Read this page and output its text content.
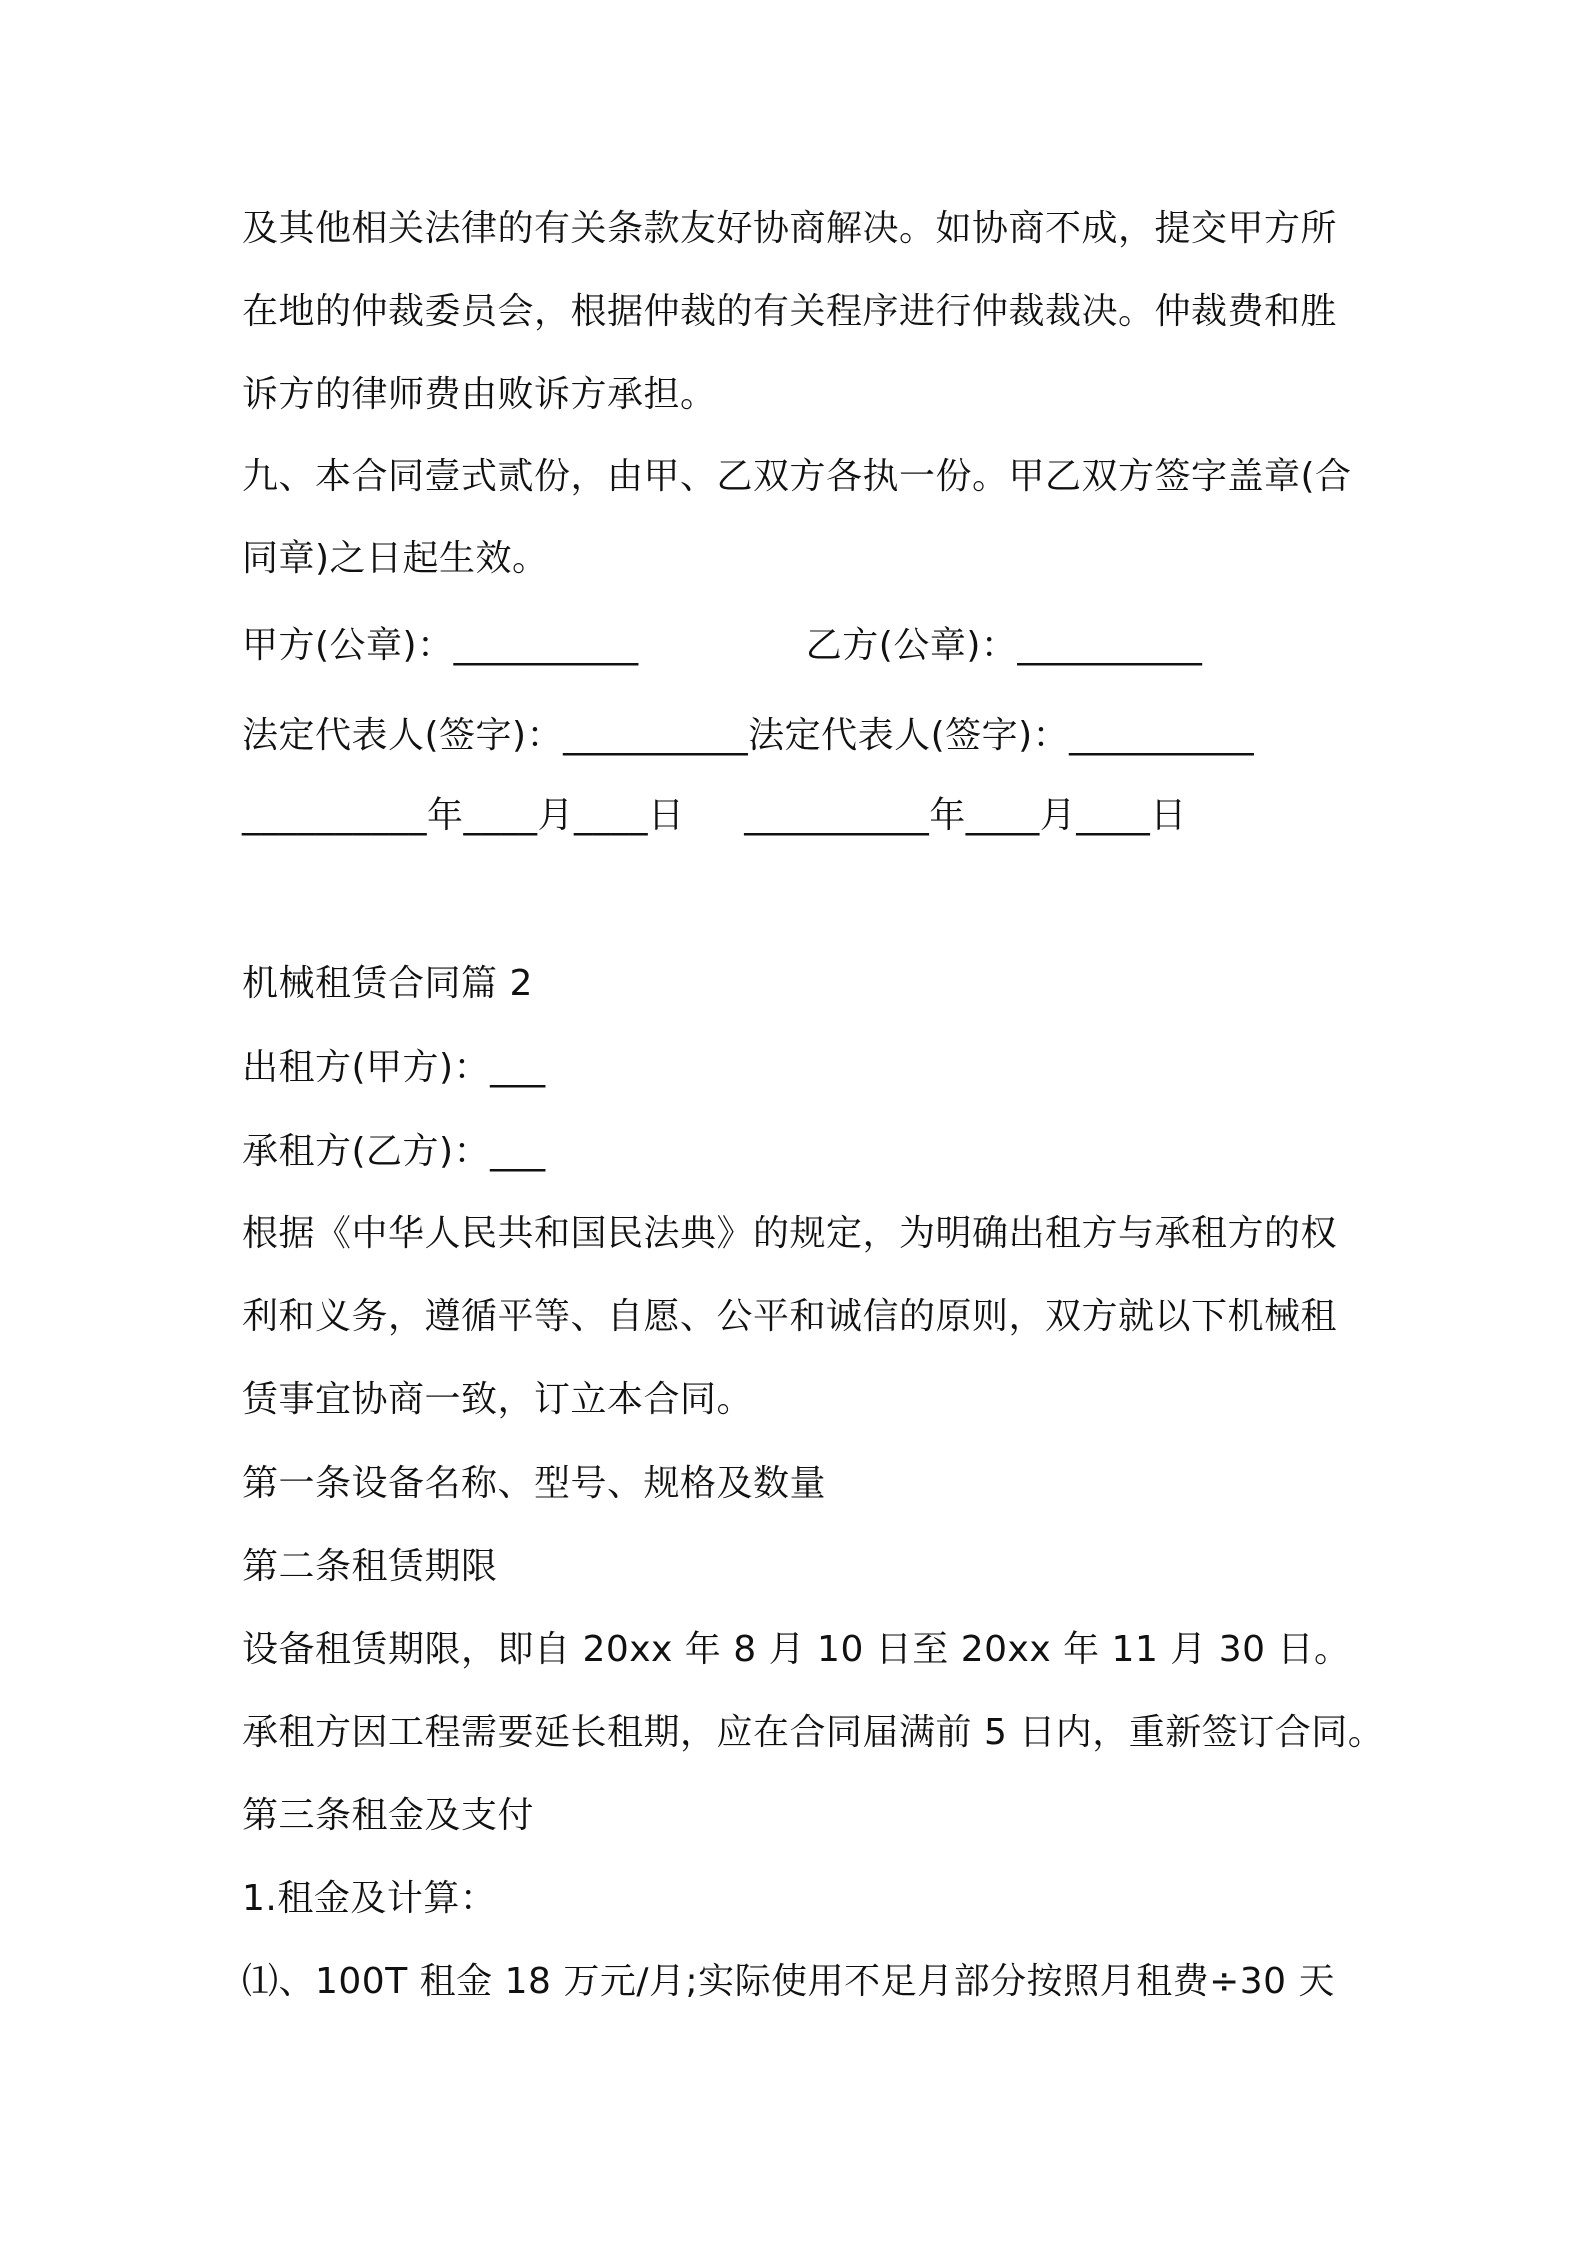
及其他相关法律的有关条款友好协商解决。如协商不成，提交甲方所
在地的仲裁委员会，根据仲裁的有关程序进行仲裁裁决。仲裁费和胜
诉方的律师费由败诉方承担。
九、本合同壹式贰份，由甲、乙双方各执一份。甲乙双方签字盖章(合
同章)之日起生效。
甲方(公章)：__________              乙方(公章)：__________
法定代表人(签字)：__________法定代表人(签字)：__________
__________年____月____日     __________年____月____日
机械租赁合同篇 2
出租方(甲方)：___
承租方(乙方)：___
根据《中华人民共和国民法典》的规定，为明确出租方与承租方的权
利和义务，遵循平等、自愿、公平和诚信的原则，双方就以下机械租
赁事宜协商一致，订立本合同。
第一条设备名称、型号、规格及数量
第二条租赁期限
设备租赁期限，即自 20xx 年 8 月 10 日至 20xx 年 11 月 30 日。
承租方因工程需要延长租期，应在合同届满前 5 日内，重新签订合同。
第三条租金及支付
1.租金及计算：
⑴、100T 租金 18 万元/月;实际使用不足月部分按照月租费÷30 天
